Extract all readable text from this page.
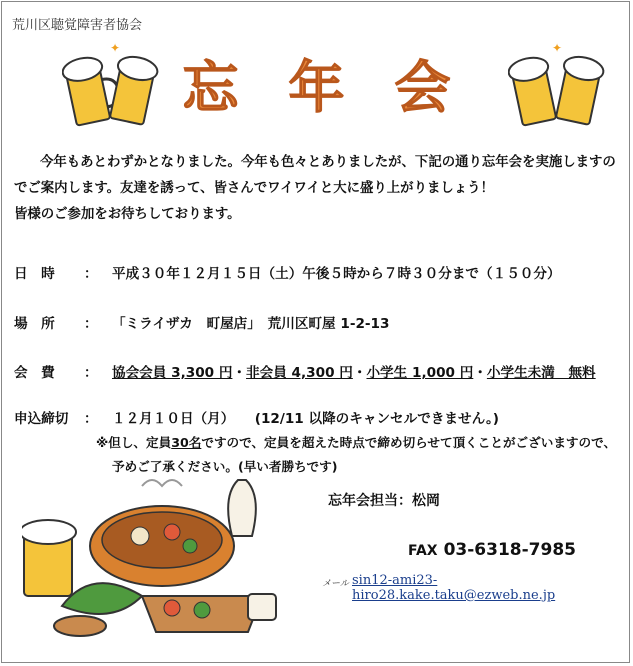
荒川区聴覚障害者協会
✦	✦
忘年会

今年もあとわずかとなりました。今年も色々とありましたが、下記の通り忘年会を実施しますのでご案内します。友達を誘って、皆さんでワイワイと大に盛り上がりましょう！

皆様のご参加をお待ちしております。

日　時 ： 平成３０年１２月１５日（土）午後５時から７時３０分まで（１５０分）
場　所 ： 「ミライザカ　町屋店」　 荒川区町屋 1-2-13
会　費 ： 協会会員 3,300 円・非会員 4,300 円・小学生 1,000 円・小学生未満　無料
申込締切 ： １２月１０日（月）　　 (12/11 以降のキャンセルできません。)
※但し、定員30名ですので、定員を超えた時点で締め切らせて頂くことがございますので、
予めご了承ください。(早い者勝ちです)
忘年会担当：松岡
FAX 03-6318-7985
メール sin12-ami23-hiro28.kake.taku@ezweb.ne.jp
